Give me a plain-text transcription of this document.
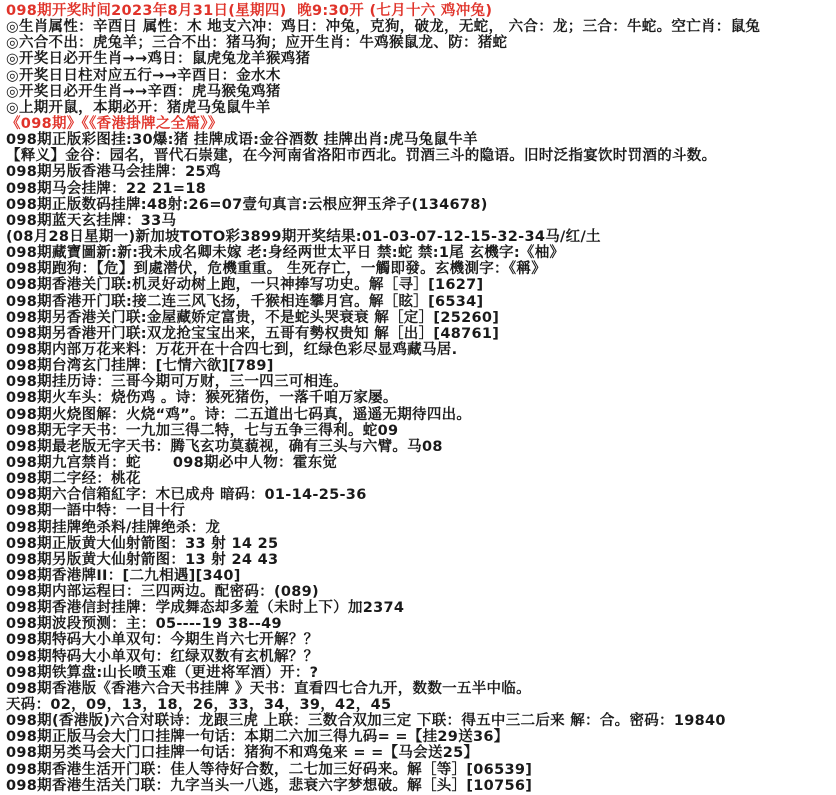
098期开奖时间2023年8月31日(星期四)  晚9:30开 (七月十六 鸡冲兔)
◎生肖属性：辛酉日 属性：木 地支六冲：鸡日：冲兔，克狗，破龙，无蛇， 六合：龙；三合：牛蛇。空亡肖：鼠兔
◎六合不出：虎兔羊；三合不出：猪马狗；应开生肖：牛鸡猴鼠龙、防：猪蛇
◎开奖日必开生肖→→鸡日：鼠虎兔龙羊猴鸡猪
◎开奖日日柱对应五行→→辛酉日：金水木
◎开奖日必开生肖→→辛酉：虎马猴兔鸡猪
◎上期开鼠，本期必开：猪虎马兔鼠牛羊
《098期》《《香港掛牌之全篇》》
098期正版彩图挂:30爆:猪 挂牌成语:金谷酒数 挂牌出肖:虎马兔鼠牛羊
【释义】金谷：园名，晋代石崇建，在今河南省洛阳市西北。罚酒三斗的隐语。旧时泛指宴饮时罚酒的斗数。
098期另版香港马会挂牌：25鸡
098期马会挂牌：22 21=18
098期正版数码挂牌:48射:26=07壹句真言:云根应狎玉斧子(134678)
098期蓝天玄挂牌：33马
(08月28日星期一)新加坡TOTO彩3899期开奖结果:01-03-07-12-15-32-34马/红/土
098期藏寶圖新:新:我未成名卿未嫁 老:身经两世太平日 禁:蛇 禁:1尾 玄機字:《柚》
098期跑狗：【危】到處潜伏，危機重重。 生死存亡，一觸即發。玄機測字：《稱》
098期香港关门联:机灵好动树上跑，一只神捧写功史。解［寻］[1627]
098期香港开门联:接二连三风飞扬，千猴相连攀月宫。解［眩］[6534]
098期另香港关门联:金屋藏娇定富贵，不是蛇头哭衰衰 解［定］[25260]
098期另香港开门联:双龙抢宝宝出来，五哥有勢权贵知 解［出］[48761]
098期内部万花来料：万花开在十合四七到，红绿色彩尽显鸡藏马居.
098期台湾玄门挂牌：[七情六欲][789]
098期挂历诗：三哥今期可万财，三一四三可相连。
098期火车头：烧伤鸡 。诗：猴死猪伤，一落千咱万家屡。
098期火烧图解：火烧“鸡”。诗：二五道出七码真，遥遥无期待四出。
098期无字天书：一九加三得二特，七与五争三得利。蛇09
098期最老版无字天书：腾飞玄功莫藐视，确有三头与六臂。马08
098期九宫禁肖：蛇      098期必中人物：霍东觉
098期二字经：桃花
098期六合信箱紅字：木已成舟 暗码：01-14-25-36
098期一語中特：一目十行
098期挂牌绝杀料/挂牌绝杀：龙
098期正版黄大仙射箭图：33 射 14 25
098期另版黄大仙射箭图：13 射 24 43
098期香港牌II：[二九相遇][340]
098期内部运程曰：三四两边。配密码：(089)
098期香港信封挂牌：学成舞态却多羞（未时上下）加2374
098期波段预测：主：05----19 38--49
098期特码大小单双句：今期生肖六七开解？？
098期特码大小单双句：红绿双数有玄机解？？
098期铁算盘:山长喷玉难（更进将军酒）开：?
098期香港版《香港六合天书挂牌 》天书：直看四七合九开，数数一五半中临。
天码：02，09，13，18，26，33，34，39，42，45
098期(香港版)六合对联诗：龙跟三虎 上联：三数合双加三定 下联：得五中三二后来 解：合。密码：19840
098期正版马会大门口挂牌一句话：本期二六加三得九码= =【挂29送36】
098期另类马会大门口挂牌一句话：猪狗不和鸡兔来 = =【马会送25】
098期香港生活开门联：佳人等待好合数，二七加三好码来。解［等］[06539]
098期香港生活关门联：九字当头一八逃，悲衰六字梦想破。解［头］[10756]
